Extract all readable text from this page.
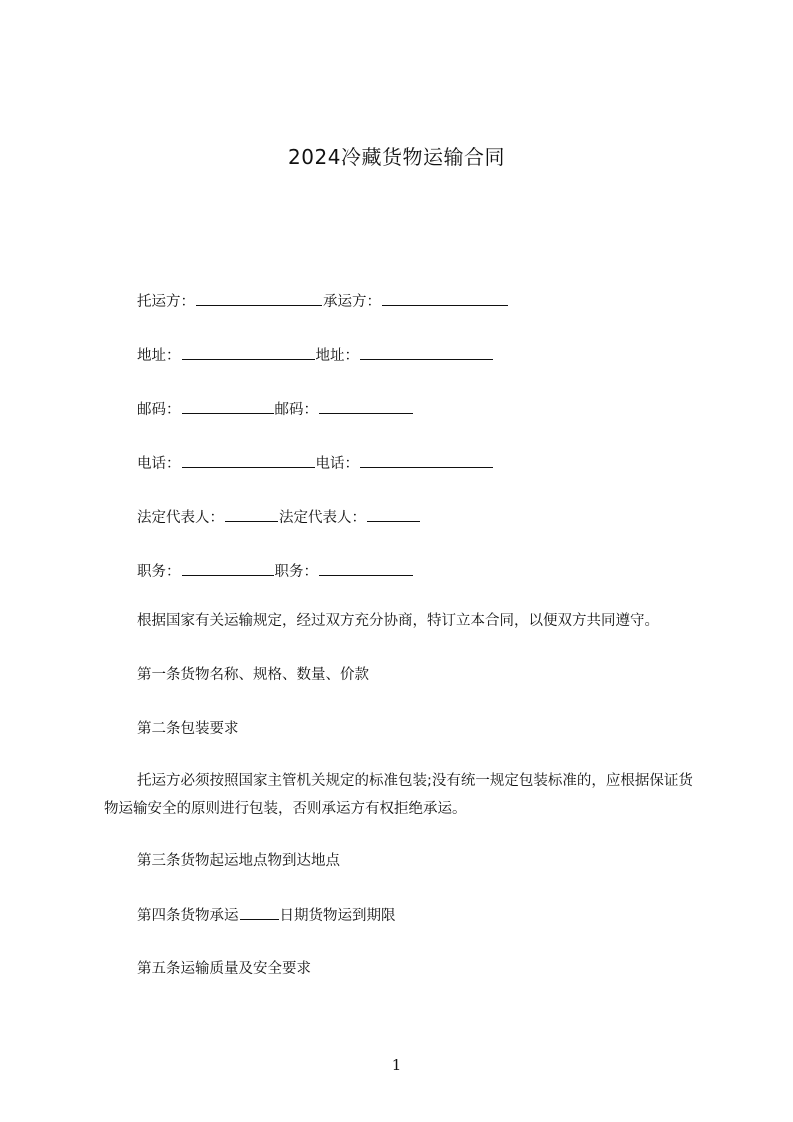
2024冷藏货物运输合同
托运方：	承运方：
地址：	地址：
邮码：	邮码：
电话：	电话：
法定代表人：	法定代表人：
职务：	职务：
根据国家有关运输规定，经过双方充分协商，特订立本合同，以便双方共同遵守。
第一条货物名称、规格、数量、价款
第二条包装要求
托运方必须按照国家主管机关规定的标准包装;没有统一规定包装标准的，应根据保证货物运输安全的原则进行包装，否则承运方有权拒绝承运。
第三条货物起运地点物到达地点
第四条货物承运	日期货物运到期限
第五条运输质量及安全要求
1
